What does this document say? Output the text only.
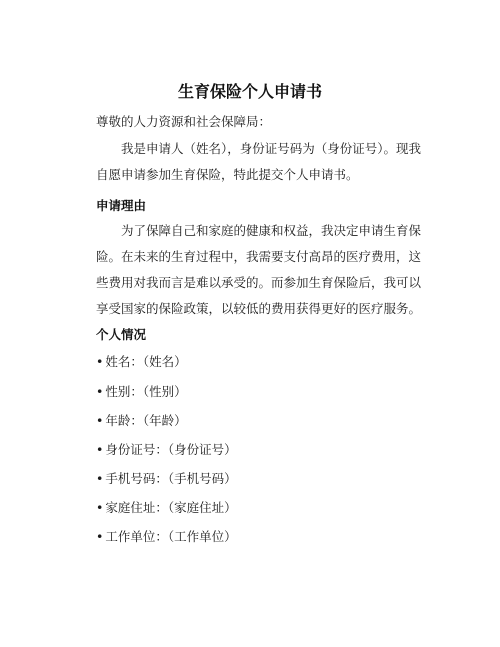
生育保险个人申请书

尊敬的人力资源和社会保障局：

我是申请人（姓名），身份证号码为（身份证号）。现我自愿申请参加生育保险，特此提交个人申请书。

申请理由

为了保障自己和家庭的健康和权益，我决定申请生育保险。在未来的生育过程中，我需要支付高昂的医疗费用，这些费用对我而言是难以承受的。而参加生育保险后，我可以享受国家的保险政策，以较低的费用获得更好的医疗服务。

个人情况

• 姓名：（姓名）

• 性别：（性别）

• 年龄：（年龄）

• 身份证号：（身份证号）

• 手机号码：（手机号码）

• 家庭住址：（家庭住址）

• 工作单位：（工作单位）
